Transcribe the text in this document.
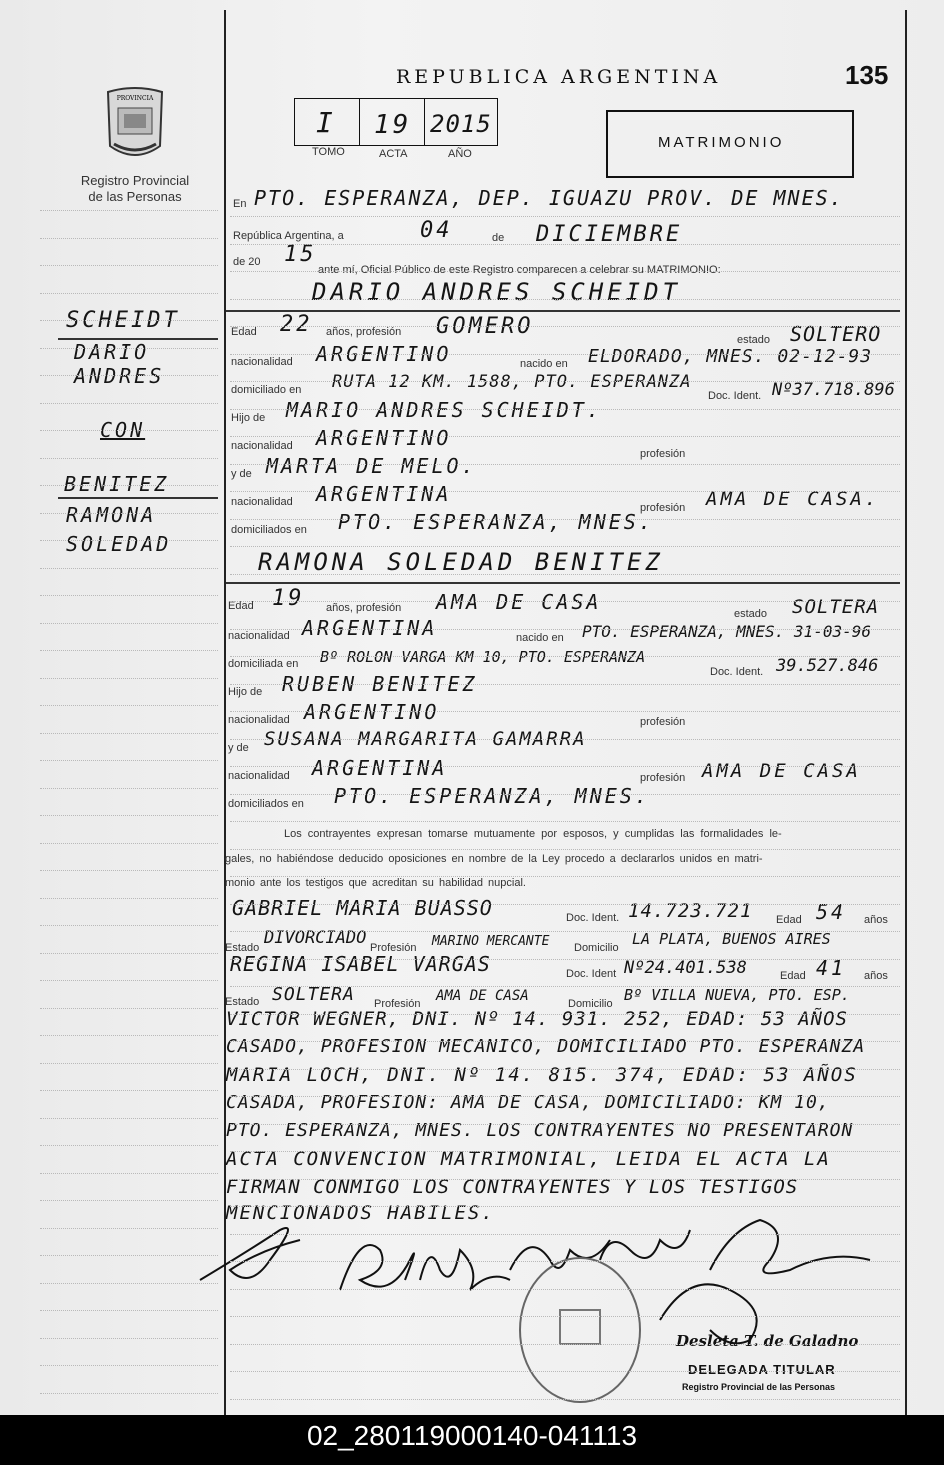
PROVINCIA
Registro Provincial
de las Personas
REPUBLICA ARGENTINA	135
I 19 2015
TOMO	ACTA	AÑO
MATRIMONIO
SCHEIDT
DARIO
ANDRES
CON
BENITEZ
RAMONA
SOLEDAD
En PTO. ESPERANZA, DEP. IGUAZU PROV. DE MNES.
República Argentina, a	04	de DICIEMBRE
de 20 15
ante mí, Oficial Público de este Registro comparecen a celebrar su MATRIMONIO:
DARIO ANDRES SCHEIDT
Edad 22 años, profesión GOMERO
estado SOLTERO
nacionalidad ARGENTINO	nacido en ELDORADO, MNES. 02-12-93
domiciliado en RUTA 12 KM. 1588, PTO. ESPERANZA
Doc. Ident. Nº37.718.896
Hijo de MARIO ANDRES SCHEIDT.
nacionalidad ARGENTINO
profesión
y de MARTA DE MELO.
nacionalidad ARGENTINA
profesión AMA DE CASA.
domiciliados en PTO. ESPERANZA, MNES.
RAMONA SOLEDAD BENITEZ
Edad 19 años, profesión AMA DE CASA	estado SOLTERA
nacionalidad ARGENTINA	nacido en PTO. ESPERANZA, MNES. 31-03-96
domiciliada en Bº ROLON VARGA KM 10, PTO. ESPERANZA
Doc. Ident. 39.527.846
Hijo de RUBEN BENITEZ
nacionalidad ARGENTINO	profesión
y de SUSANA MARGARITA GAMARRA
nacionalidad ARGENTINA	profesión AMA DE CASA
domiciliados en PTO. ESPERANZA, MNES.
Los contrayentes expresan tomarse mutuamente por esposos, y cumplidas las formalidades le-
gales, no habiéndose deducido oposiciones en nombre de la Ley procedo a declararlos unidos en matri-
monio ante los testigos que acreditan su habilidad nupcial.
GABRIEL MARIA BUASSO	Doc. Ident. 14.723.721 Edad 54 años
Estado DIVORCIADO Profesión MARINO MERCANTE Domicilio LA PLATA, BUENOS AIRES
REGINA ISABEL VARGAS	Doc. Ident Nº24.401.538	Edad 41 años
Estado SOLTERA Profesión AMA DE CASA	Domicilio Bº VILLA NUEVA, PTO. ESP.
VICTOR WEGNER, DNI. Nº 14. 931. 252, EDAD: 53 AÑOS
CASADO, PROFESION MECANICO, DOMICILIADO PTO. ESPERANZA
MARIA LOCH, DNI. Nº 14. 815. 374, EDAD: 53 AÑOS
CASADA, PROFESION: AMA DE CASA, DOMICILIADO: KM 10,
PTO. ESPERANZA, MNES. LOS CONTRAYENTES NO PRESENTARON
ACTA CONVENCION MATRIMONIAL, LEIDA EL ACTA LA
FIRMAN CONMIGO LOS CONTRAYENTES Y LOS TESTIGOS
MENCIONADOS HABILES.
Desleta T. de Galadno
DELEGADA TITULAR
Registro Provincial de las Personas
02_280119000140-041113
